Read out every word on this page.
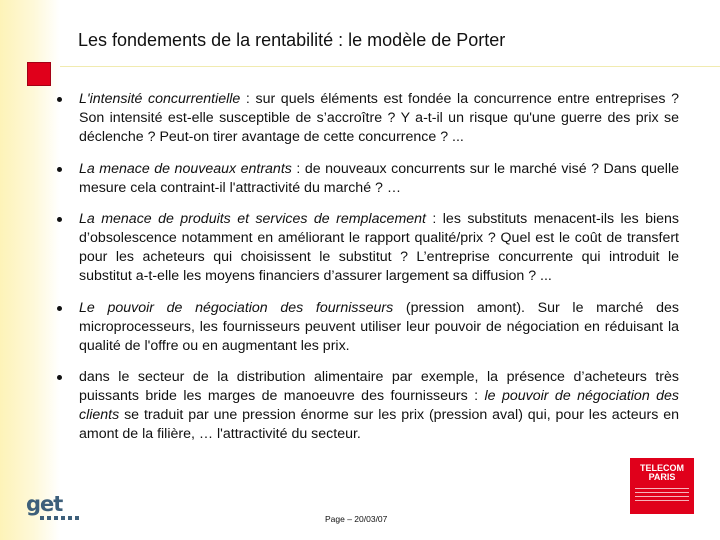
Les fondements de la rentabilité : le modèle de Porter
L'intensité concurrentielle : sur quels éléments est fondée la concurrence entre entreprises ? Son intensité est-elle susceptible de s’accroître ? Y a-t-il un risque qu'une guerre des prix se déclenche ? Peut-on tirer avantage de cette concurrence ? ...
La menace de nouveaux entrants : de nouveaux concurrents sur le marché visé ? Dans quelle mesure cela contraint-il l'attractivité du marché ? …
La menace de produits et services de remplacement : les substituts menacent-ils les biens d’obsolescence notamment en améliorant le rapport qualité/prix ? Quel est le coût de transfert pour les acheteurs qui choisissent le substitut ? L’entreprise concurrente qui introduit le substitut a-t-elle les moyens financiers d’assurer largement sa diffusion ? ...
Le pouvoir de négociation des fournisseurs (pression amont). Sur le marché des microprocesseurs, les fournisseurs peuvent utiliser leur pouvoir de négociation en réduisant la qualité de l'offre ou en augmentant les prix.
dans le secteur de la distribution alimentaire par exemple, la présence d’acheteurs très puissants bride les marges de manoeuvre des fournisseurs : le pouvoir de négociation des clients se traduit par une pression énorme sur les prix (pression aval) qui, pour les acteurs en amont de la filière, … l'attractivité du secteur.
get
Page – 20/03/07
TELECOM PARIS
